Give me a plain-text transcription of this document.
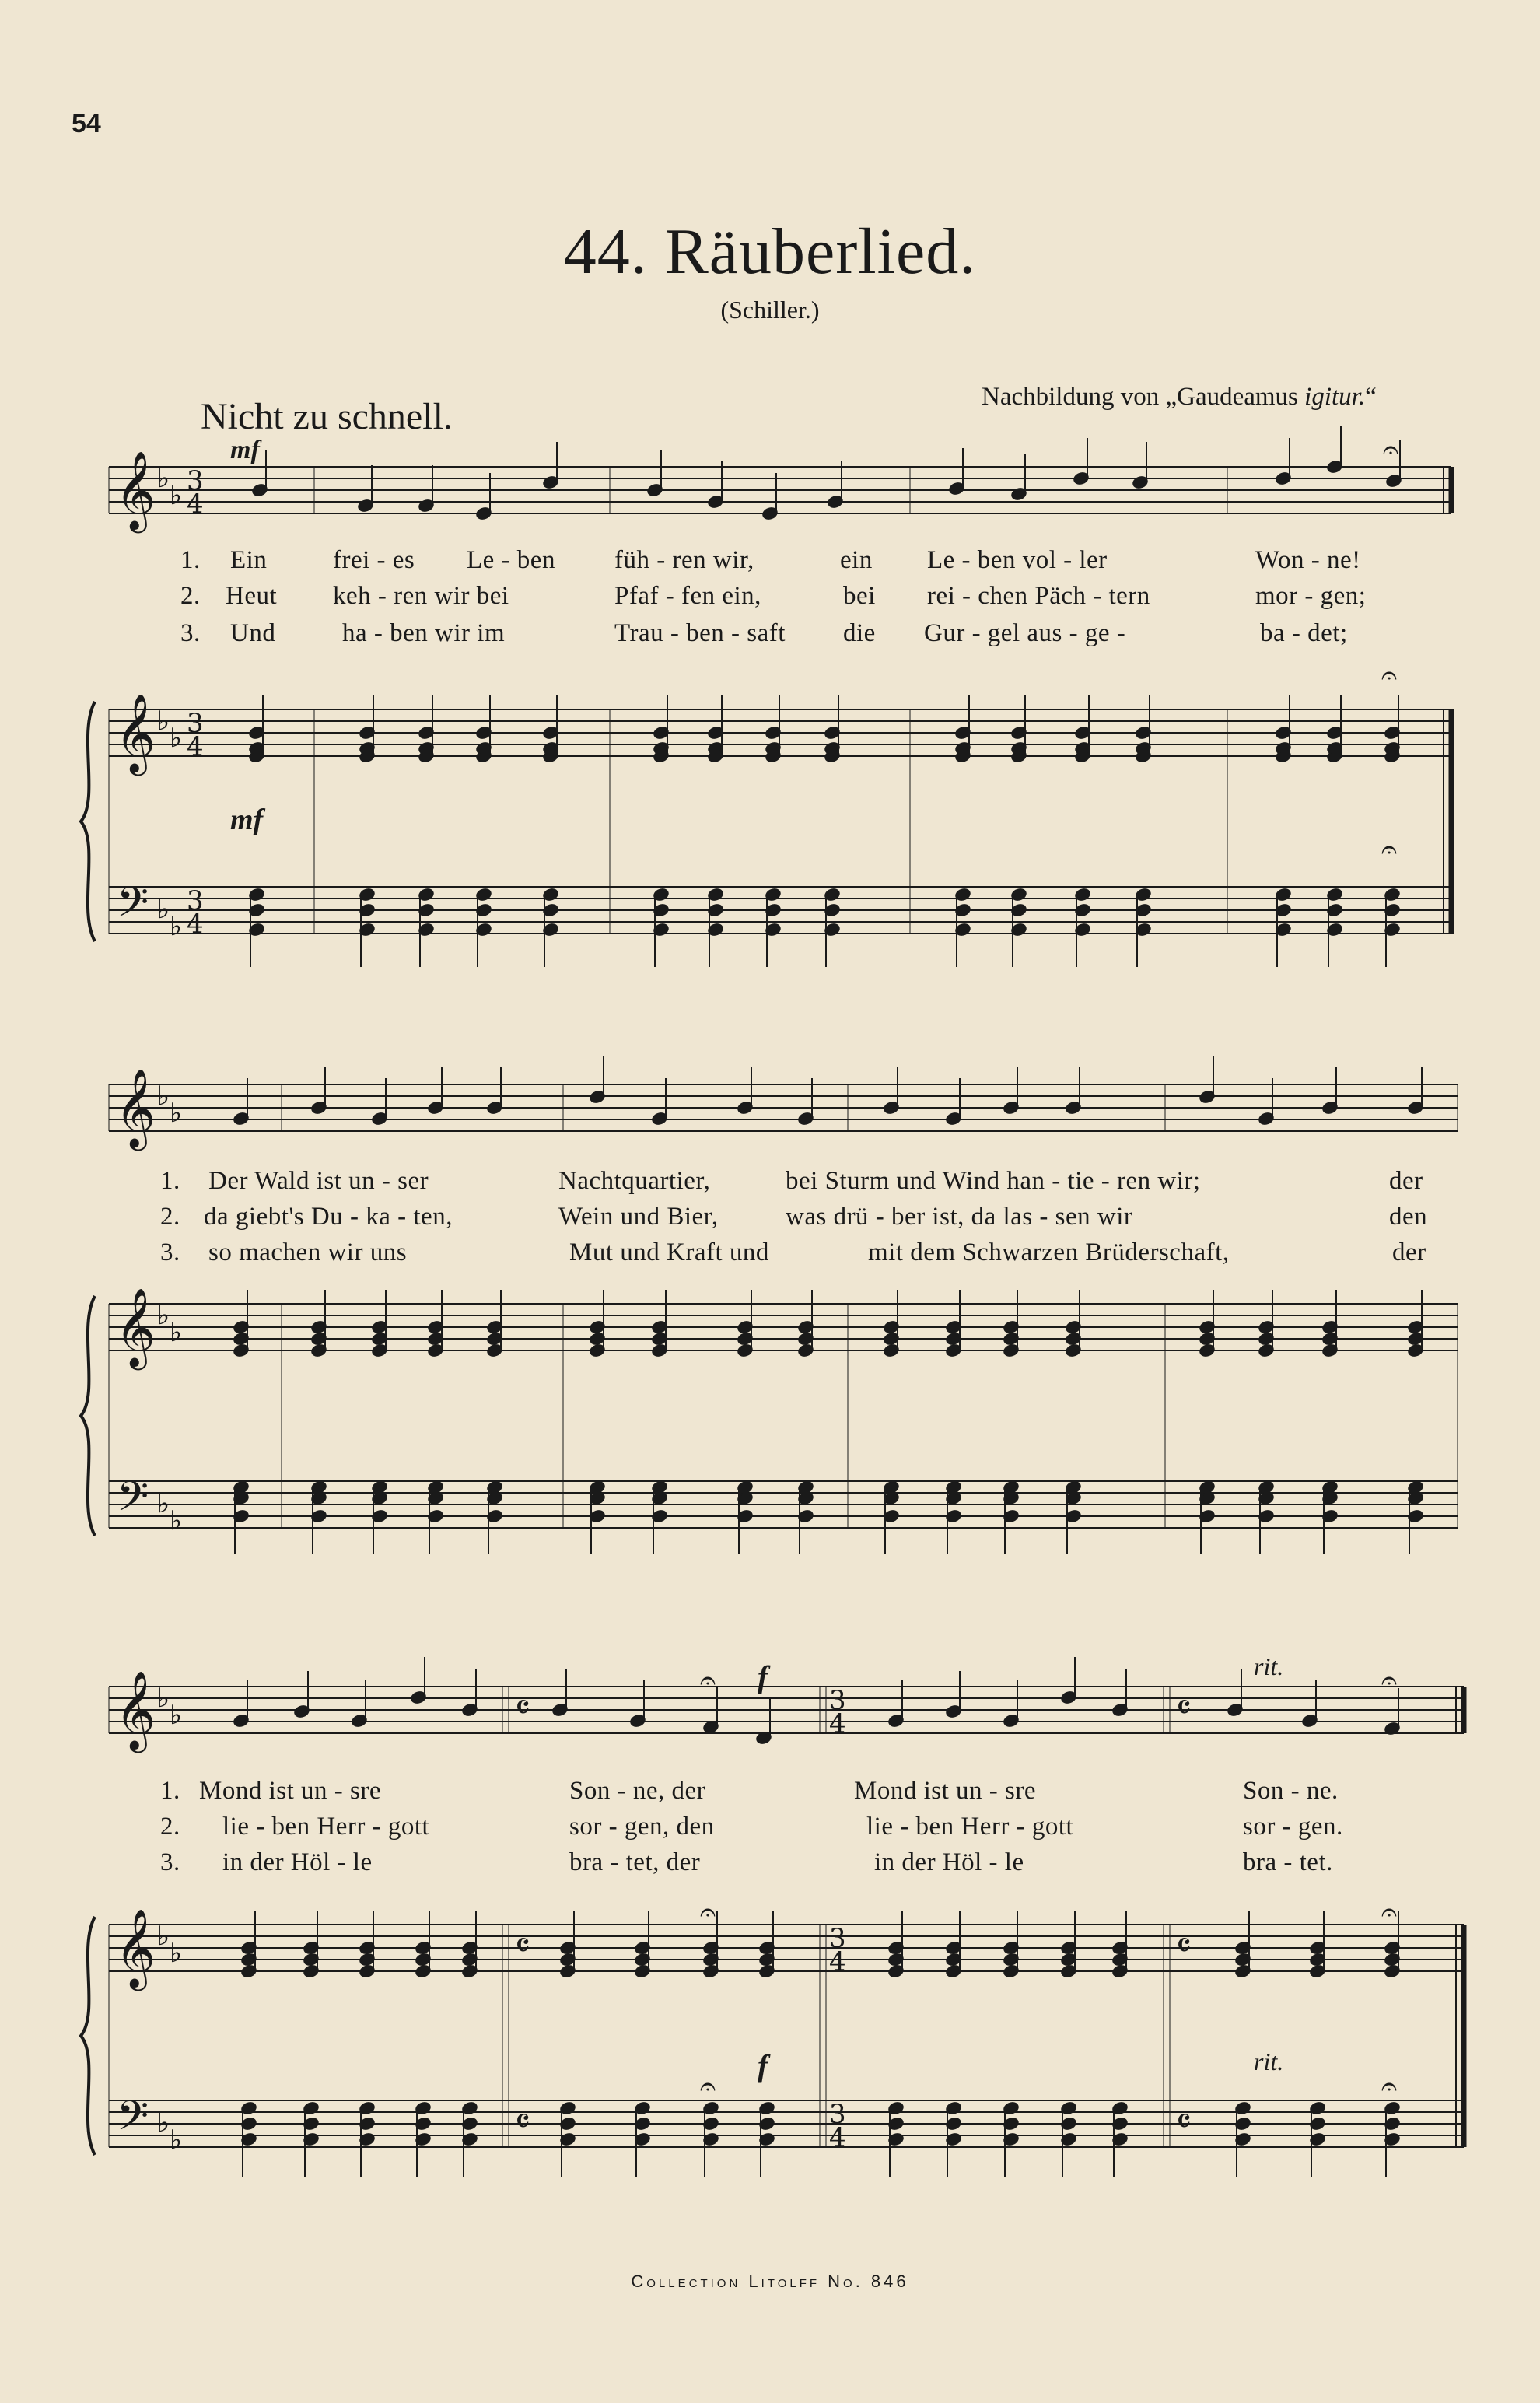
54
44. Räuberlied.
(Schiller.)
Nicht zu schnell.	Nachbildung von „Gaudeamus igitur.“
𝄞
𝄞
𝄢
♭
♭
♭
♭
♭
♭
3
4
3
4
3
4
𝄐
𝄐
𝄐
𝄞
𝄞
𝄢
♭
♭
♭
♭
♭
♭
𝄞
𝄞
𝄢
♭
♭
♭
♭
♭
♭
𝄴
𝄴
𝄴
3
4
3
4
3
4
𝄴
𝄴
𝄴
𝄐	𝄐
𝄐	𝄐
𝄐	𝄐
mf
mf
f
f
rit.
rit.
1. Ein	frei - es Le - ben füh - ren wir,	ein Le - ben vol - ler	Won - ne!
2. Heut keh - ren wir bei	Pfaf - fen ein,	bei rei - chen Päch - tern	mor - gen;
3. Und	ha - ben wir im	Trau - ben - saft die Gur - gel aus - ge -	ba - det;
1. Der Wald ist un - ser	Nachtquartier,	bei Sturm und Wind han - tie - ren wir;	der
2. da giebt's Du - ka - ten,	Wein und Bier,	was drü - ber ist, da las - sen wir	den
3. so machen wir uns	Mut und Kraft und	mit dem Schwarzen Brüderschaft,	der
1. Mond ist un - sre	Son - ne, der	Mond ist un - sre	Son - ne.
2. lie - ben Herr - gott	sor - gen, den	lie - ben Herr - gott	sor - gen.
3. in der Höl - le	bra - tet, der	in der Höl - le	bra - tet.
Collection Litolff No. 846
